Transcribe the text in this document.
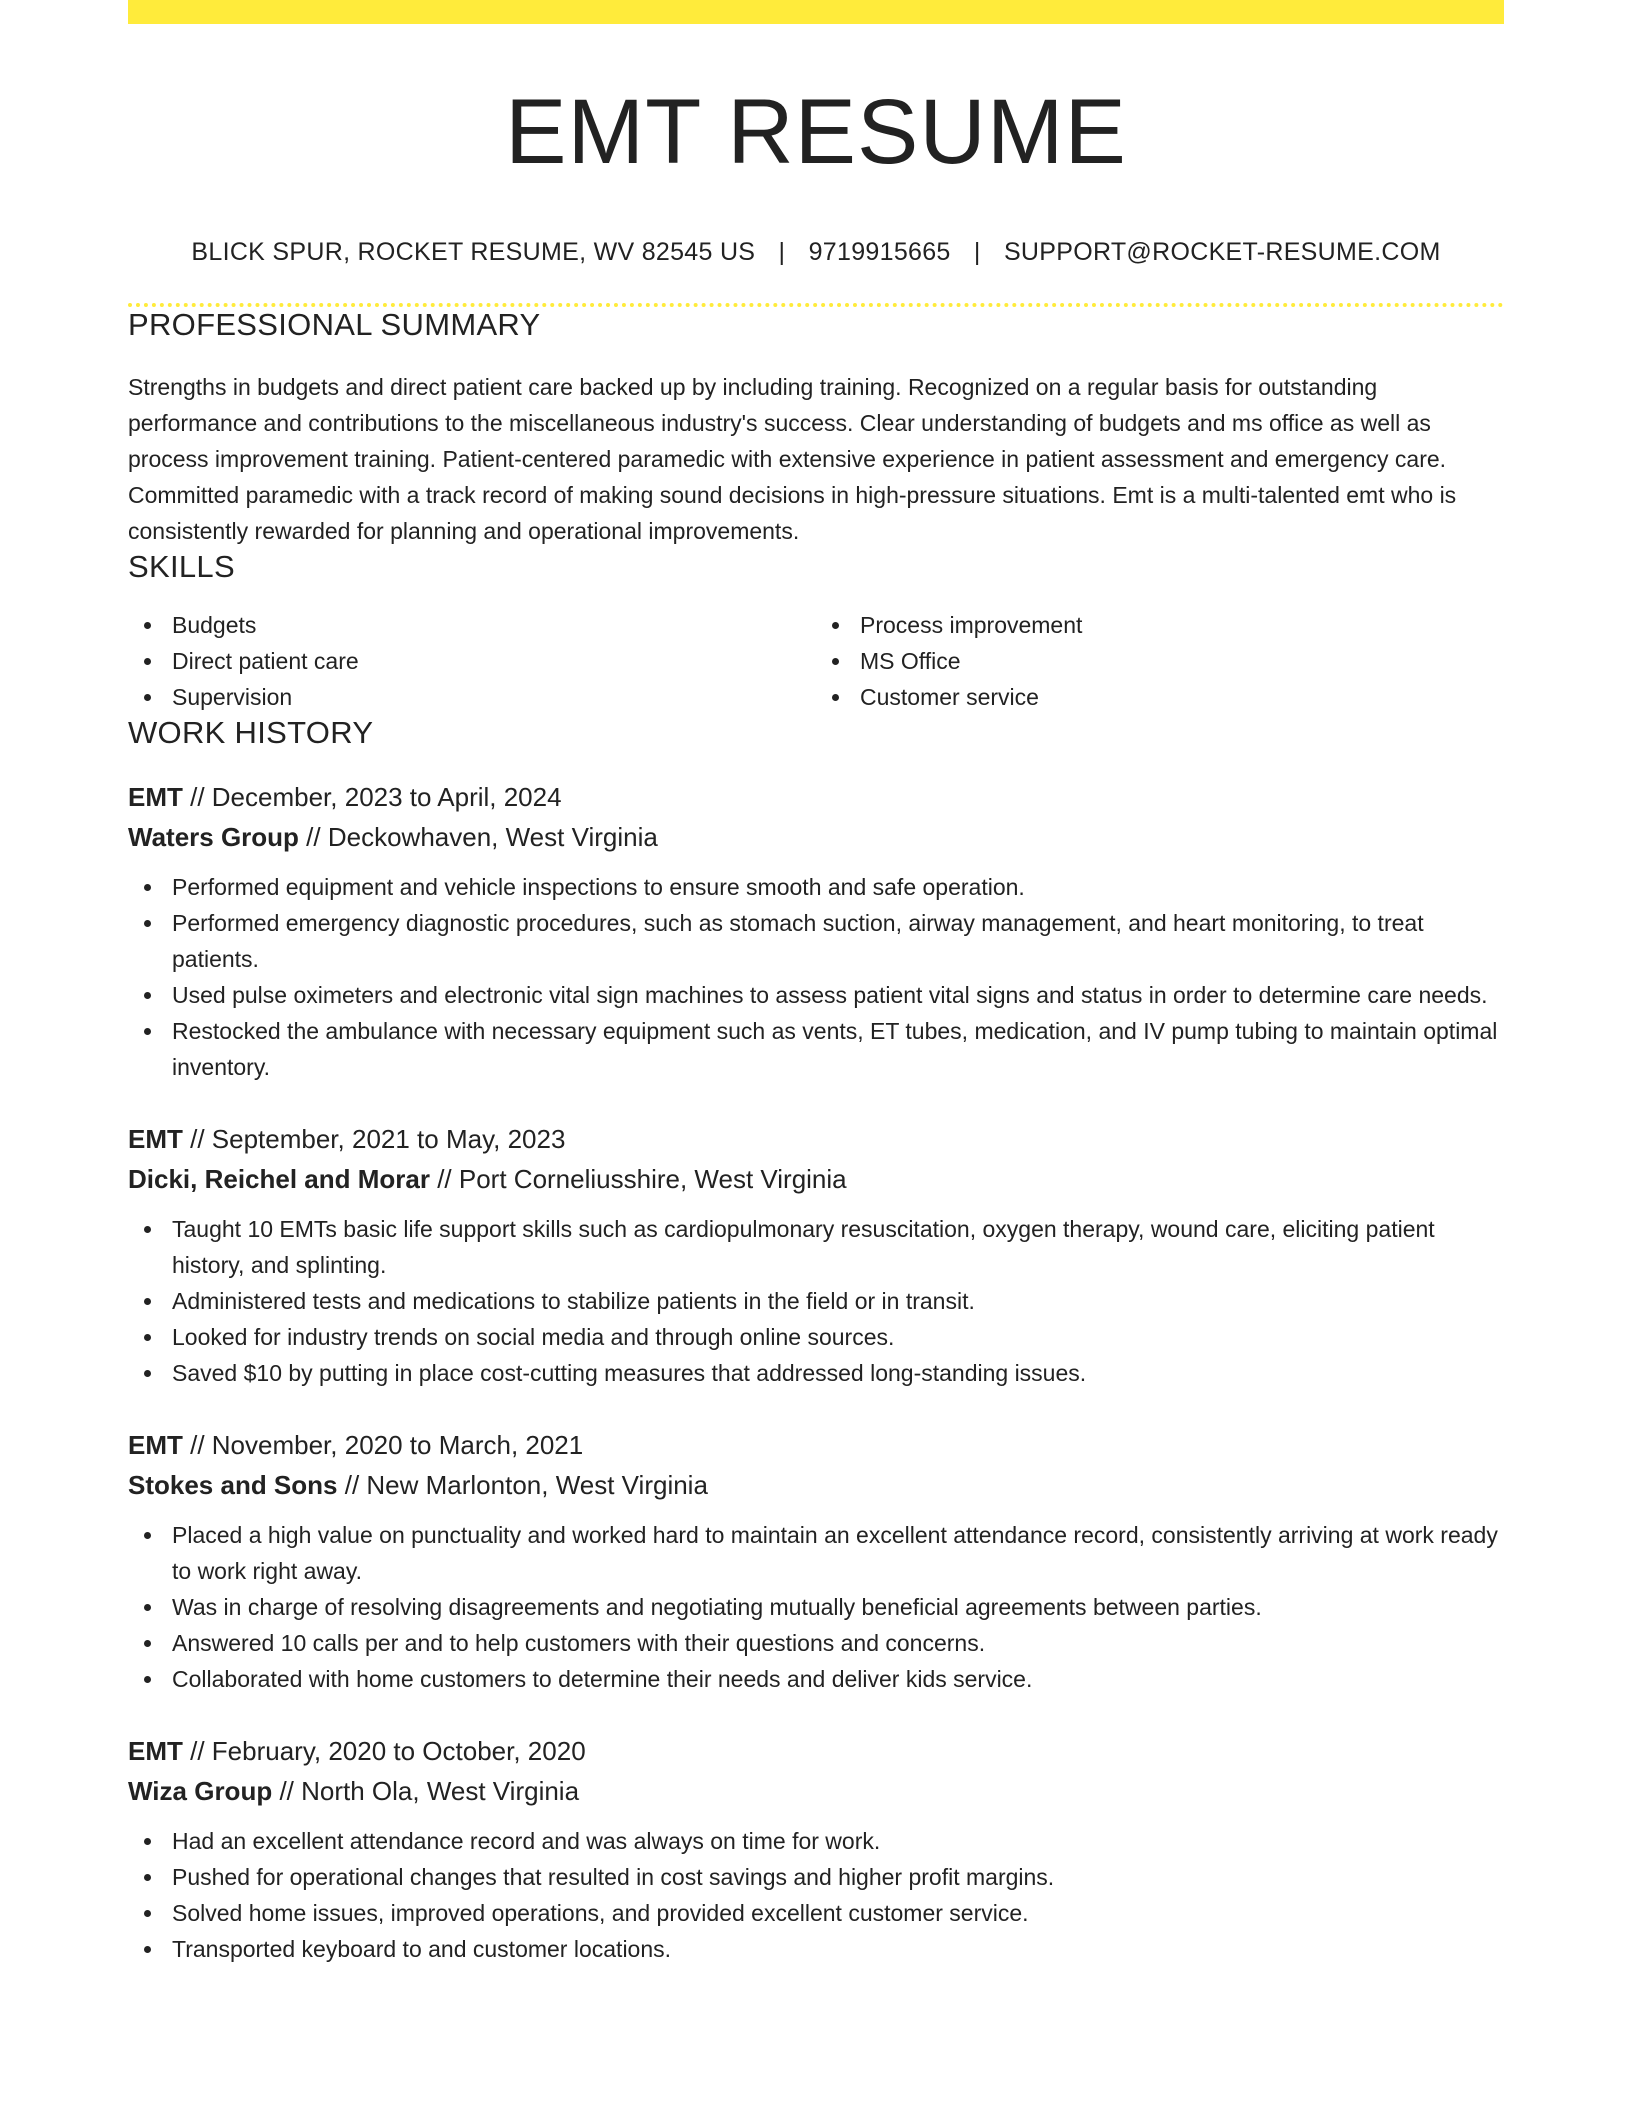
EMT RESUME
BLICK SPUR, ROCKET RESUME, WV 82545 US | 9719915665 | SUPPORT@ROCKET-RESUME.COM
PROFESSIONAL SUMMARY

Strengths in budgets and direct patient care backed up by including training. Recognized on a regular basis for outstanding performance and contributions to the miscellaneous industry's success. Clear understanding of budgets and ms office as well as process improvement training. Patient-centered paramedic with extensive experience in patient assessment and emergency care. Committed paramedic with a track record of making sound decisions in high-pressure situations. Emt is a multi-talented emt who is consistently rewarded for planning and operational improvements.

SKILLS
Budgets
Direct patient care
Supervision
Process improvement
MS Office
Customer service
WORK HISTORY
EMT // December, 2023 to April, 2024
Waters Group // Deckowhaven, West Virginia
Performed equipment and vehicle inspections to ensure smooth and safe operation.
Performed emergency diagnostic procedures, such as stomach suction, airway management, and heart monitoring, to treat patients.
Used pulse oximeters and electronic vital sign machines to assess patient vital signs and status in order to determine care needs.
Restocked the ambulance with necessary equipment such as vents, ET tubes, medication, and IV pump tubing to maintain optimal inventory.
EMT // September, 2021 to May, 2023
Dicki, Reichel and Morar // Port Corneliusshire, West Virginia
Taught 10 EMTs basic life support skills such as cardiopulmonary resuscitation, oxygen therapy, wound care, eliciting patient history, and splinting.
Administered tests and medications to stabilize patients in the field or in transit.
Looked for industry trends on social media and through online sources.
Saved $10 by putting in place cost-cutting measures that addressed long-standing issues.
EMT // November, 2020 to March, 2021
Stokes and Sons // New Marlonton, West Virginia
Placed a high value on punctuality and worked hard to maintain an excellent attendance record, consistently arriving at work ready to work right away.
Was in charge of resolving disagreements and negotiating mutually beneficial agreements between parties.
Answered 10 calls per and to help customers with their questions and concerns.
Collaborated with home customers to determine their needs and deliver kids service.
EMT // February, 2020 to October, 2020
Wiza Group // North Ola, West Virginia
Had an excellent attendance record and was always on time for work.
Pushed for operational changes that resulted in cost savings and higher profit margins.
Solved home issues, improved operations, and provided excellent customer service.
Transported keyboard to and customer locations.
